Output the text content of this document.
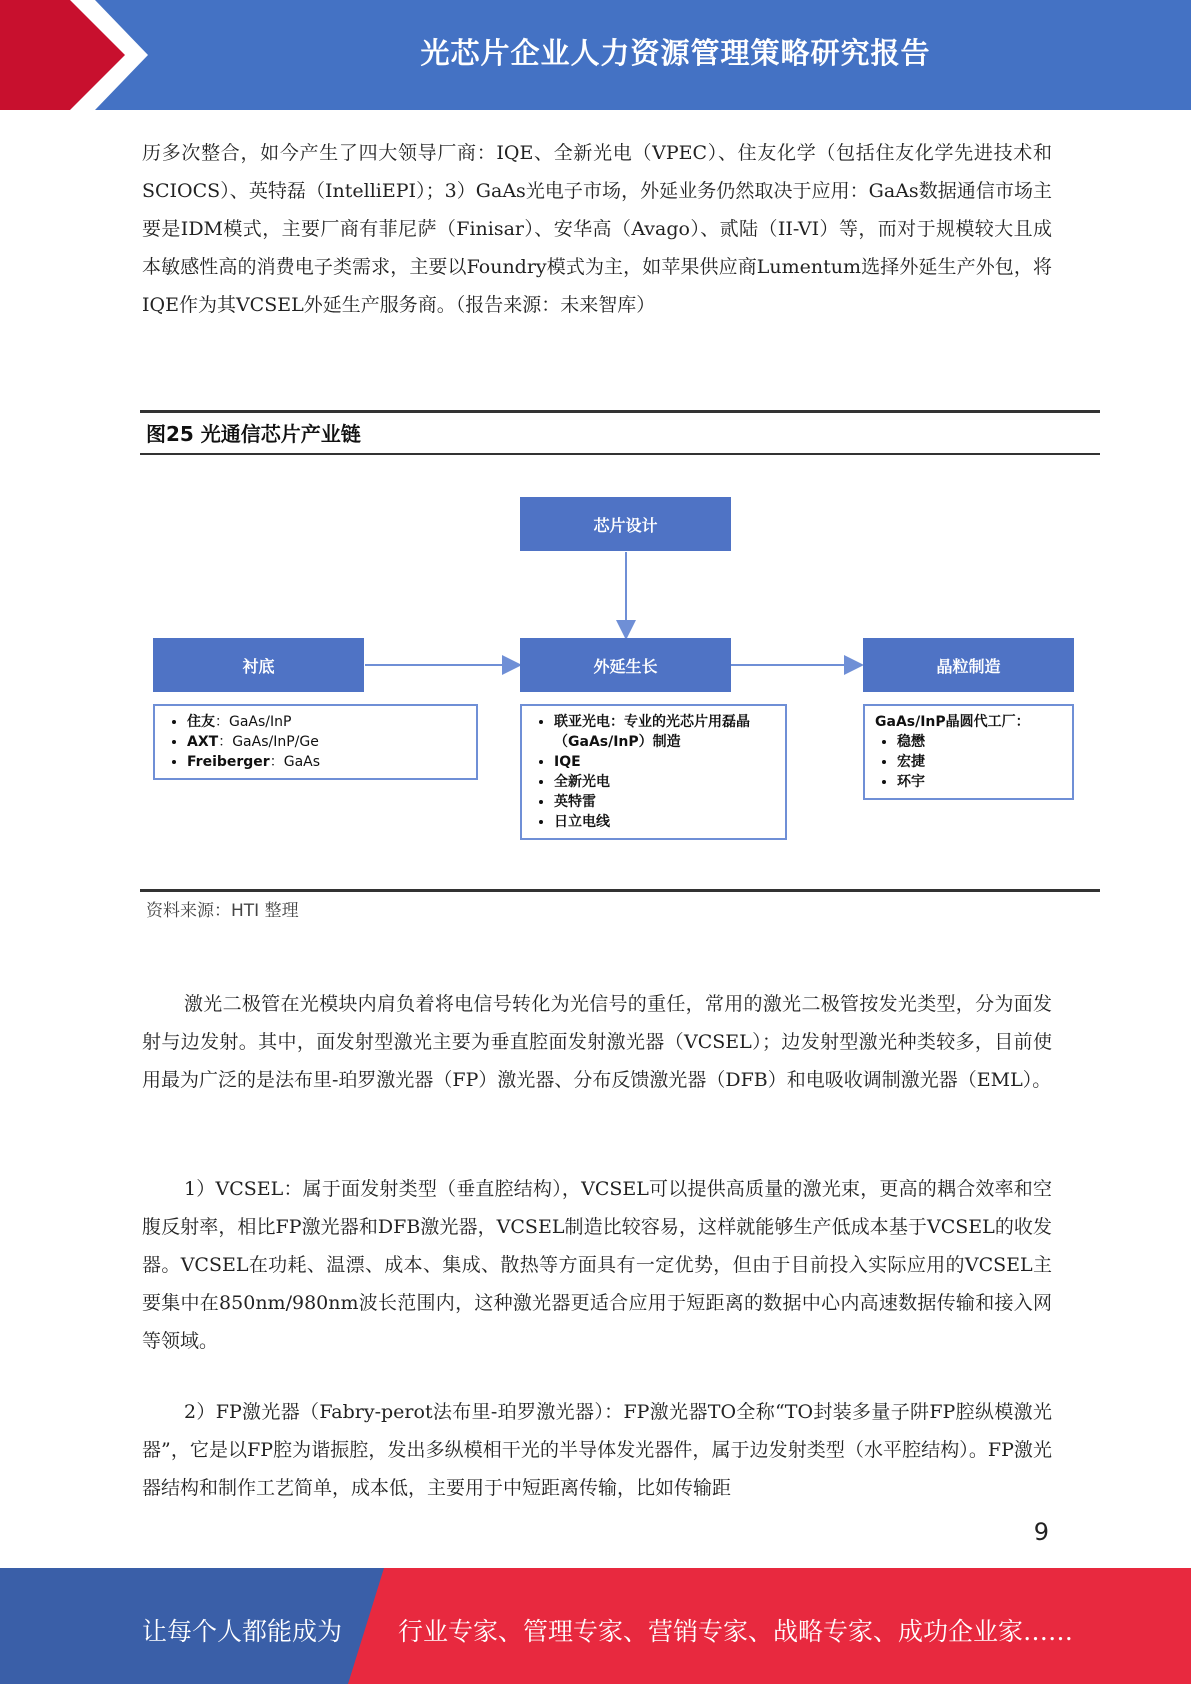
光芯片企业人力资源管理策略研究报告

历多次整合，如今产生了四大领导厂商：IQE、全新光电（VPEC）、住友化学（包括住友化学先进技术和SCIOCS）、英特磊（IntelliEPI）；3）GaAs光电子市场，外延业务仍然取决于应用：GaAs数据通信市场主要是IDM模式，主要厂商有菲尼萨（Finisar）、安华高（Avago）、贰陆（II-VI）等，而对于规模较大且成本敏感性高的消费电子类需求，主要以Foundry模式为主，如苹果供应商Lumentum选择外延生产外包，将IQE作为其VCSEL外延生产服务商。（报告来源：未来智库）

图25 光通信芯片产业链
芯片设计
衬底	外延生长	晶粒制造
• 住友：GaAs/InP
• AXT：GaAs/InP/Ge
• Freiberger：GaAs
• 联亚光电：专业的光芯片用磊晶（GaAs/InP）制造
• IQE
• 全新光电
• 英特雷
• 日立电线
GaAs/InP晶圆代工厂：
• 稳懋
• 宏捷
• 环宇
资料来源：HTI 整理

激光二极管在光模块内肩负着将电信号转化为光信号的重任，常用的激光二极管按发光类型，分为面发射与边发射。其中，面发射型激光主要为垂直腔面发射激光器（VCSEL）；边发射型激光种类较多，目前使用最为广泛的是法布里-珀罗激光器（FP）激光器、分布反馈激光器（DFB）和电吸收调制激光器（EML）。

1）VCSEL：属于面发射类型（垂直腔结构），VCSEL可以提供高质量的激光束，更高的耦合效率和空腹反射率，相比FP激光器和DFB激光器，VCSEL制造比较容易，这样就能够生产低成本基于VCSEL的收发器。VCSEL在功耗、温漂、成本、集成、散热等方面具有一定优势，但由于目前投入实际应用的VCSEL主要集中在850nm/980nm波长范围内，这种激光器更适合应用于短距离的数据中心内高速数据传输和接入网等领域。

2）FP激光器（Fabry-perot法布里-珀罗激光器）：FP激光器TO全称“TO封装多量子阱FP腔纵模激光器”，它是以FP腔为谐振腔，发出多纵模相干光的半导体发光器件，属于边发射类型（水平腔结构）。FP激光器结构和制作工艺简单，成本低，主要用于中短距离传输，比如传输距

9
让每个人都能成为 行业专家、管理专家、营销专家、战略专家、成功企业家……
